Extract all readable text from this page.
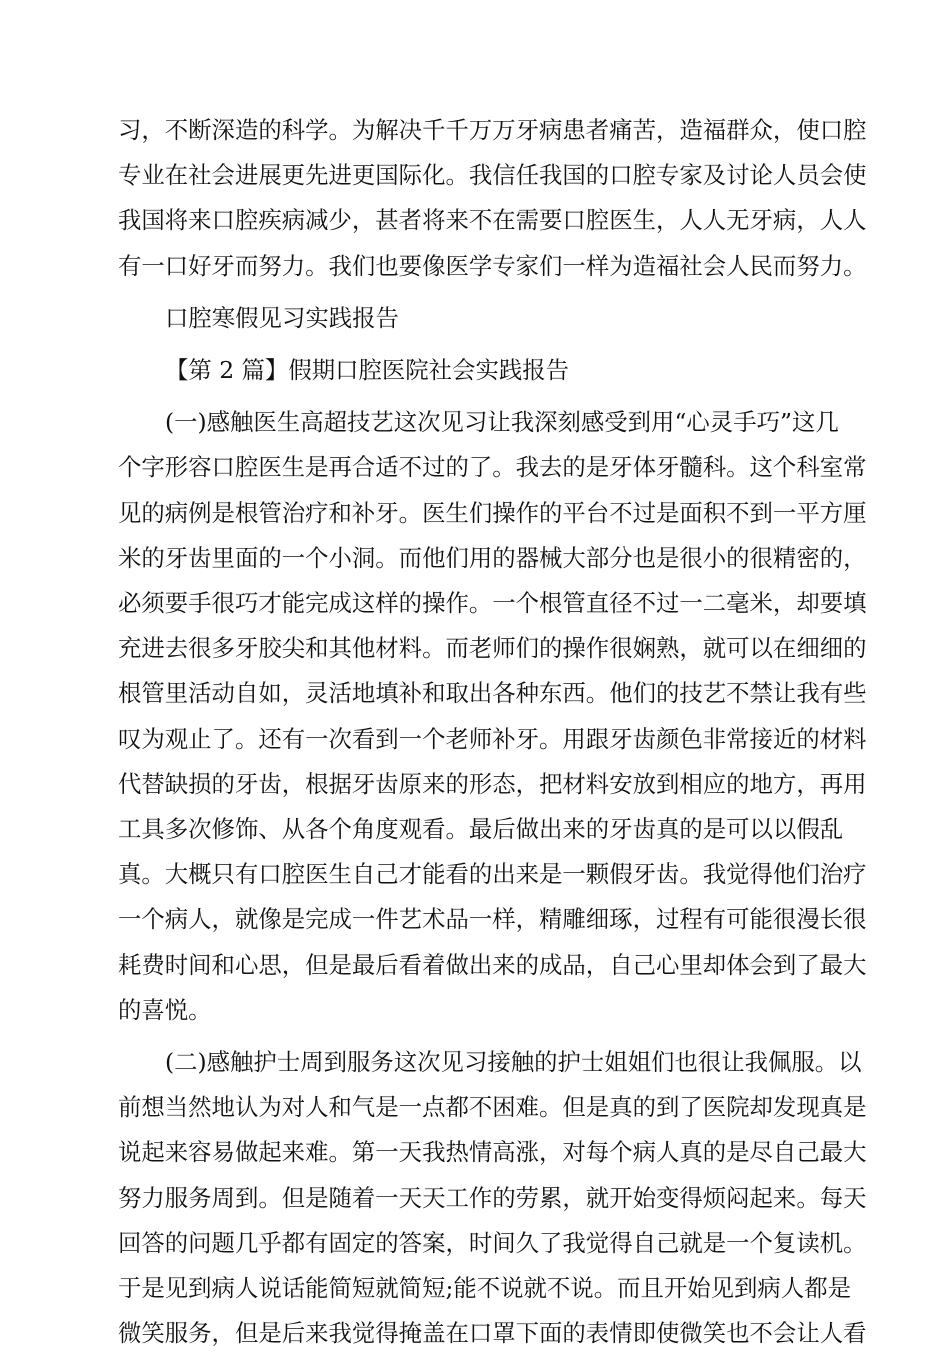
习，不断深造的科学。为解决千千万万牙病患者痛苦，造福群众，使口腔
专业在社会进展更先进更国际化。我信任我国的口腔专家及讨论人员会使
我国将来口腔疾病减少，甚者将来不在需要口腔医生，人人无牙病，人人
有一口好牙而努力。我们也要像医学专家们一样为造福社会人民而努力。
口腔寒假见习实践报告
【第 2 篇】假期口腔医院社会实践报告
(一)感触医生高超技艺这次见习让我深刻感受到用“心灵手巧”这几
个字形容口腔医生是再合适不过的了。我去的是牙体牙髓科。这个科室常
见的病例是根管治疗和补牙。医生们操作的平台不过是面积不到一平方厘
米的牙齿里面的一个小洞。而他们用的器械大部分也是很小的很精密的，
必须要手很巧才能完成这样的操作。一个根管直径不过一二毫米，却要填
充进去很多牙胶尖和其他材料。而老师们的操作很娴熟，就可以在细细的
根管里活动自如，灵活地填补和取出各种东西。他们的技艺不禁让我有些
叹为观止了。还有一次看到一个老师补牙。用跟牙齿颜色非常接近的材料
代替缺损的牙齿，根据牙齿原来的形态，把材料安放到相应的地方，再用
工具多次修饰、从各个角度观看。最后做出来的牙齿真的是可以以假乱
真。大概只有口腔医生自己才能看的出来是一颗假牙齿。我觉得他们治疗
一个病人，就像是完成一件艺术品一样，精雕细琢，过程有可能很漫长很
耗费时间和心思，但是最后看着做出来的成品，自己心里却体会到了最大
的喜悦。
(二)感触护士周到服务这次见习接触的护士姐姐们也很让我佩服。以
前想当然地认为对人和气是一点都不困难。但是真的到了医院却发现真是
说起来容易做起来难。第一天我热情高涨，对每个病人真的是尽自己最大
努力服务周到。但是随着一天天工作的劳累，就开始变得烦闷起来。每天
回答的问题几乎都有固定的答案，时间久了我觉得自己就是一个复读机。
于是见到病人说话能简短就简短;能不说就不说。而且开始见到病人都是
微笑服务，但是后来我觉得掩盖在口罩下面的表情即使微笑也不会让人看
